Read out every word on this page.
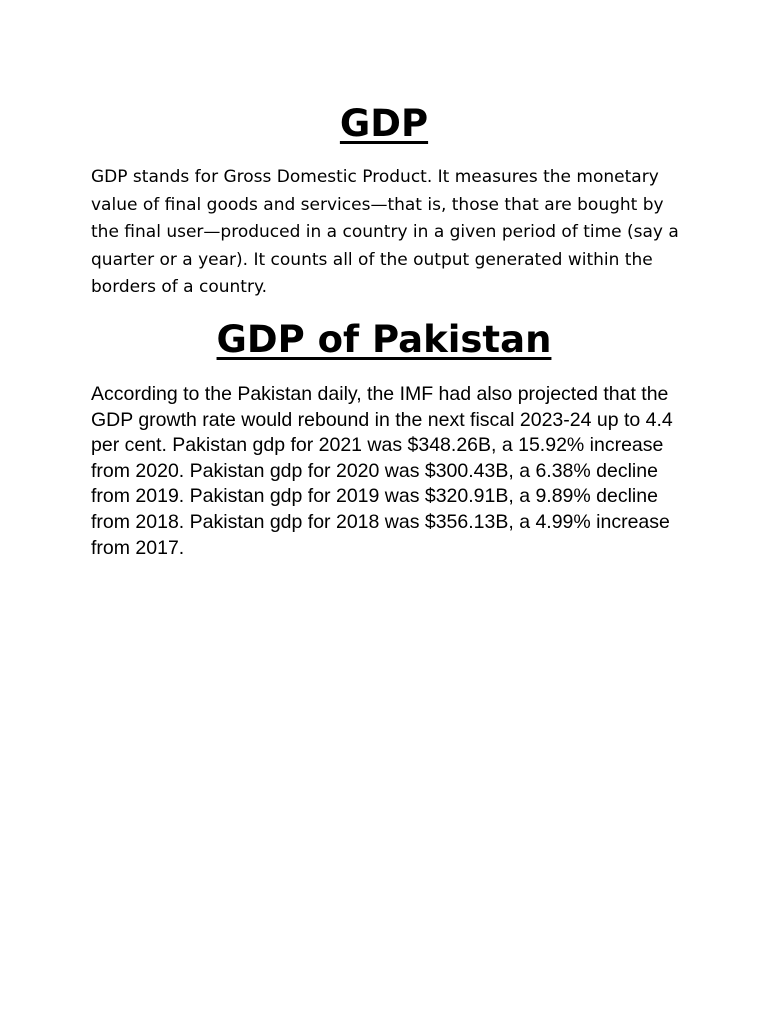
GDP

GDP stands for Gross Domestic Product. It measures the monetary value of final goods and services—that is, those that are bought by the final user—produced in a country in a given period of time (say a quarter or a year). It counts all of the output generated within the borders of a country.

GDP of Pakistan

According to the Pakistan daily, the IMF had also projected that the GDP growth rate would rebound in the next fiscal 2023-24 up to 4.4 per cent. Pakistan gdp for 2021 was $348.26B, a 15.92% increase from 2020. Pakistan gdp for 2020 was $300.43B, a 6.38% decline from 2019. Pakistan gdp for 2019 was $320.91B, a 9.89% decline from 2018. Pakistan gdp for 2018 was $356.13B, a 4.99% increase from 2017.
